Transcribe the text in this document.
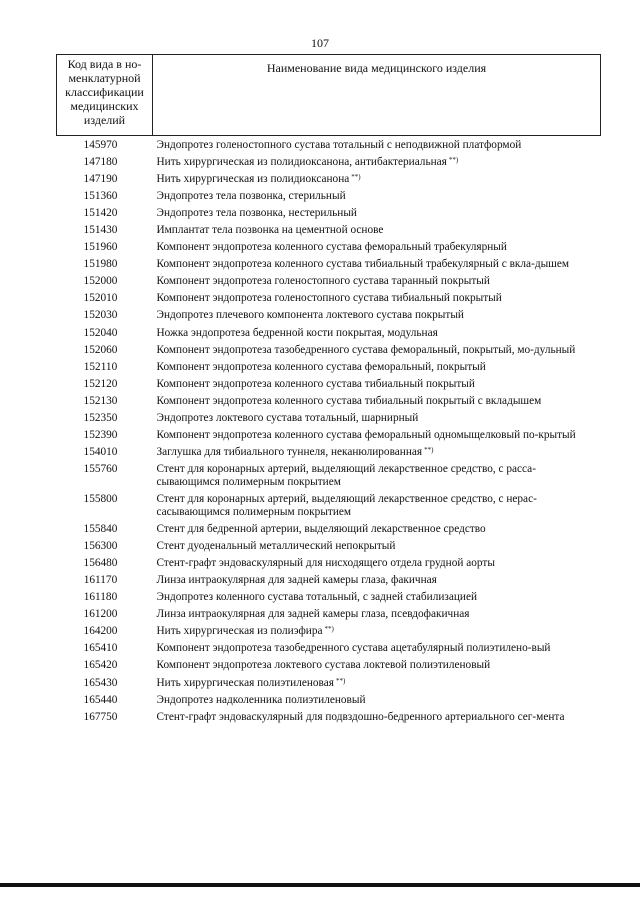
107
Код вида в но-менклатурной классификации медицинских изделий	Наименование вида медицинского изделия
145970	Эндопротез голеностопного сустава тотальный с неподвижной платформой
147180	Нить хирургическая из полидиоксанона, антибактериальная **)
147190	Нить хирургическая из полидиоксанона **)
151360	Эндопротез тела позвонка, стерильный
151420	Эндопротез тела позвонка, нестерильный
151430	Имплантат тела позвонка на цементной основе
151960	Компонент эндопротеза коленного сустава феморальный трабекулярный
151980	Компонент эндопротеза коленного сустава тибиальный трабекулярный с вкла-дышем
152000	Компонент эндопротеза голеностопного сустава таранный покрытый
152010	Компонент эндопротеза голеностопного сустава тибиальный покрытый
152030	Эндопротез плечевого компонента локтевого сустава покрытый
152040	Ножка эндопротеза бедренной кости покрытая, модульная
152060	Компонент эндопротеза тазобедренного сустава феморальный, покрытый, мо-дульный
152110	Компонент эндопротеза коленного сустава феморальный, покрытый
152120	Компонент эндопротеза коленного сустава тибиальный покрытый
152130	Компонент эндопротеза коленного сустава тибиальный покрытый с вкладышем
152350	Эндопротез локтевого сустава тотальный, шарнирный
152390	Компонент эндопротеза коленного сустава феморальный одномыщелковый по-крытый
154010	Заглушка для тибиального туннеля, неканюлированная **)
155760	Стент для коронарных артерий, выделяющий лекарственное средство, с расса-сывающимся полимерным покрытием
155800	Стент для коронарных артерий, выделяющий лекарственное средство, с нерас-сасывающимся полимерным покрытием
155840	Стент для бедренной артерии, выделяющий лекарственное средство
156300	Стент дуоденальный металлический непокрытый
156480	Стент-графт эндоваскулярный для нисходящего отдела грудной аорты
161170	Линза интраокулярная для задней камеры глаза, факичная
161180	Эндопротез коленного сустава тотальный, с задней стабилизацией
161200	Линза интраокулярная для задней камеры глаза, псевдофакичная
164200	Нить хирургическая из полиэфира **)
165410	Компонент эндопротеза тазобедренного сустава ацетабулярный полиэтилено-вый
165420	Компонент эндопротеза локтевого сустава локтевой полиэтиленовый
165430	Нить хирургическая полиэтиленовая **)
165440	Эндопротез надколенника полиэтиленовый
167750	Стент-графт эндоваскулярный для подвздошно-бедренного артериального сег-мента
